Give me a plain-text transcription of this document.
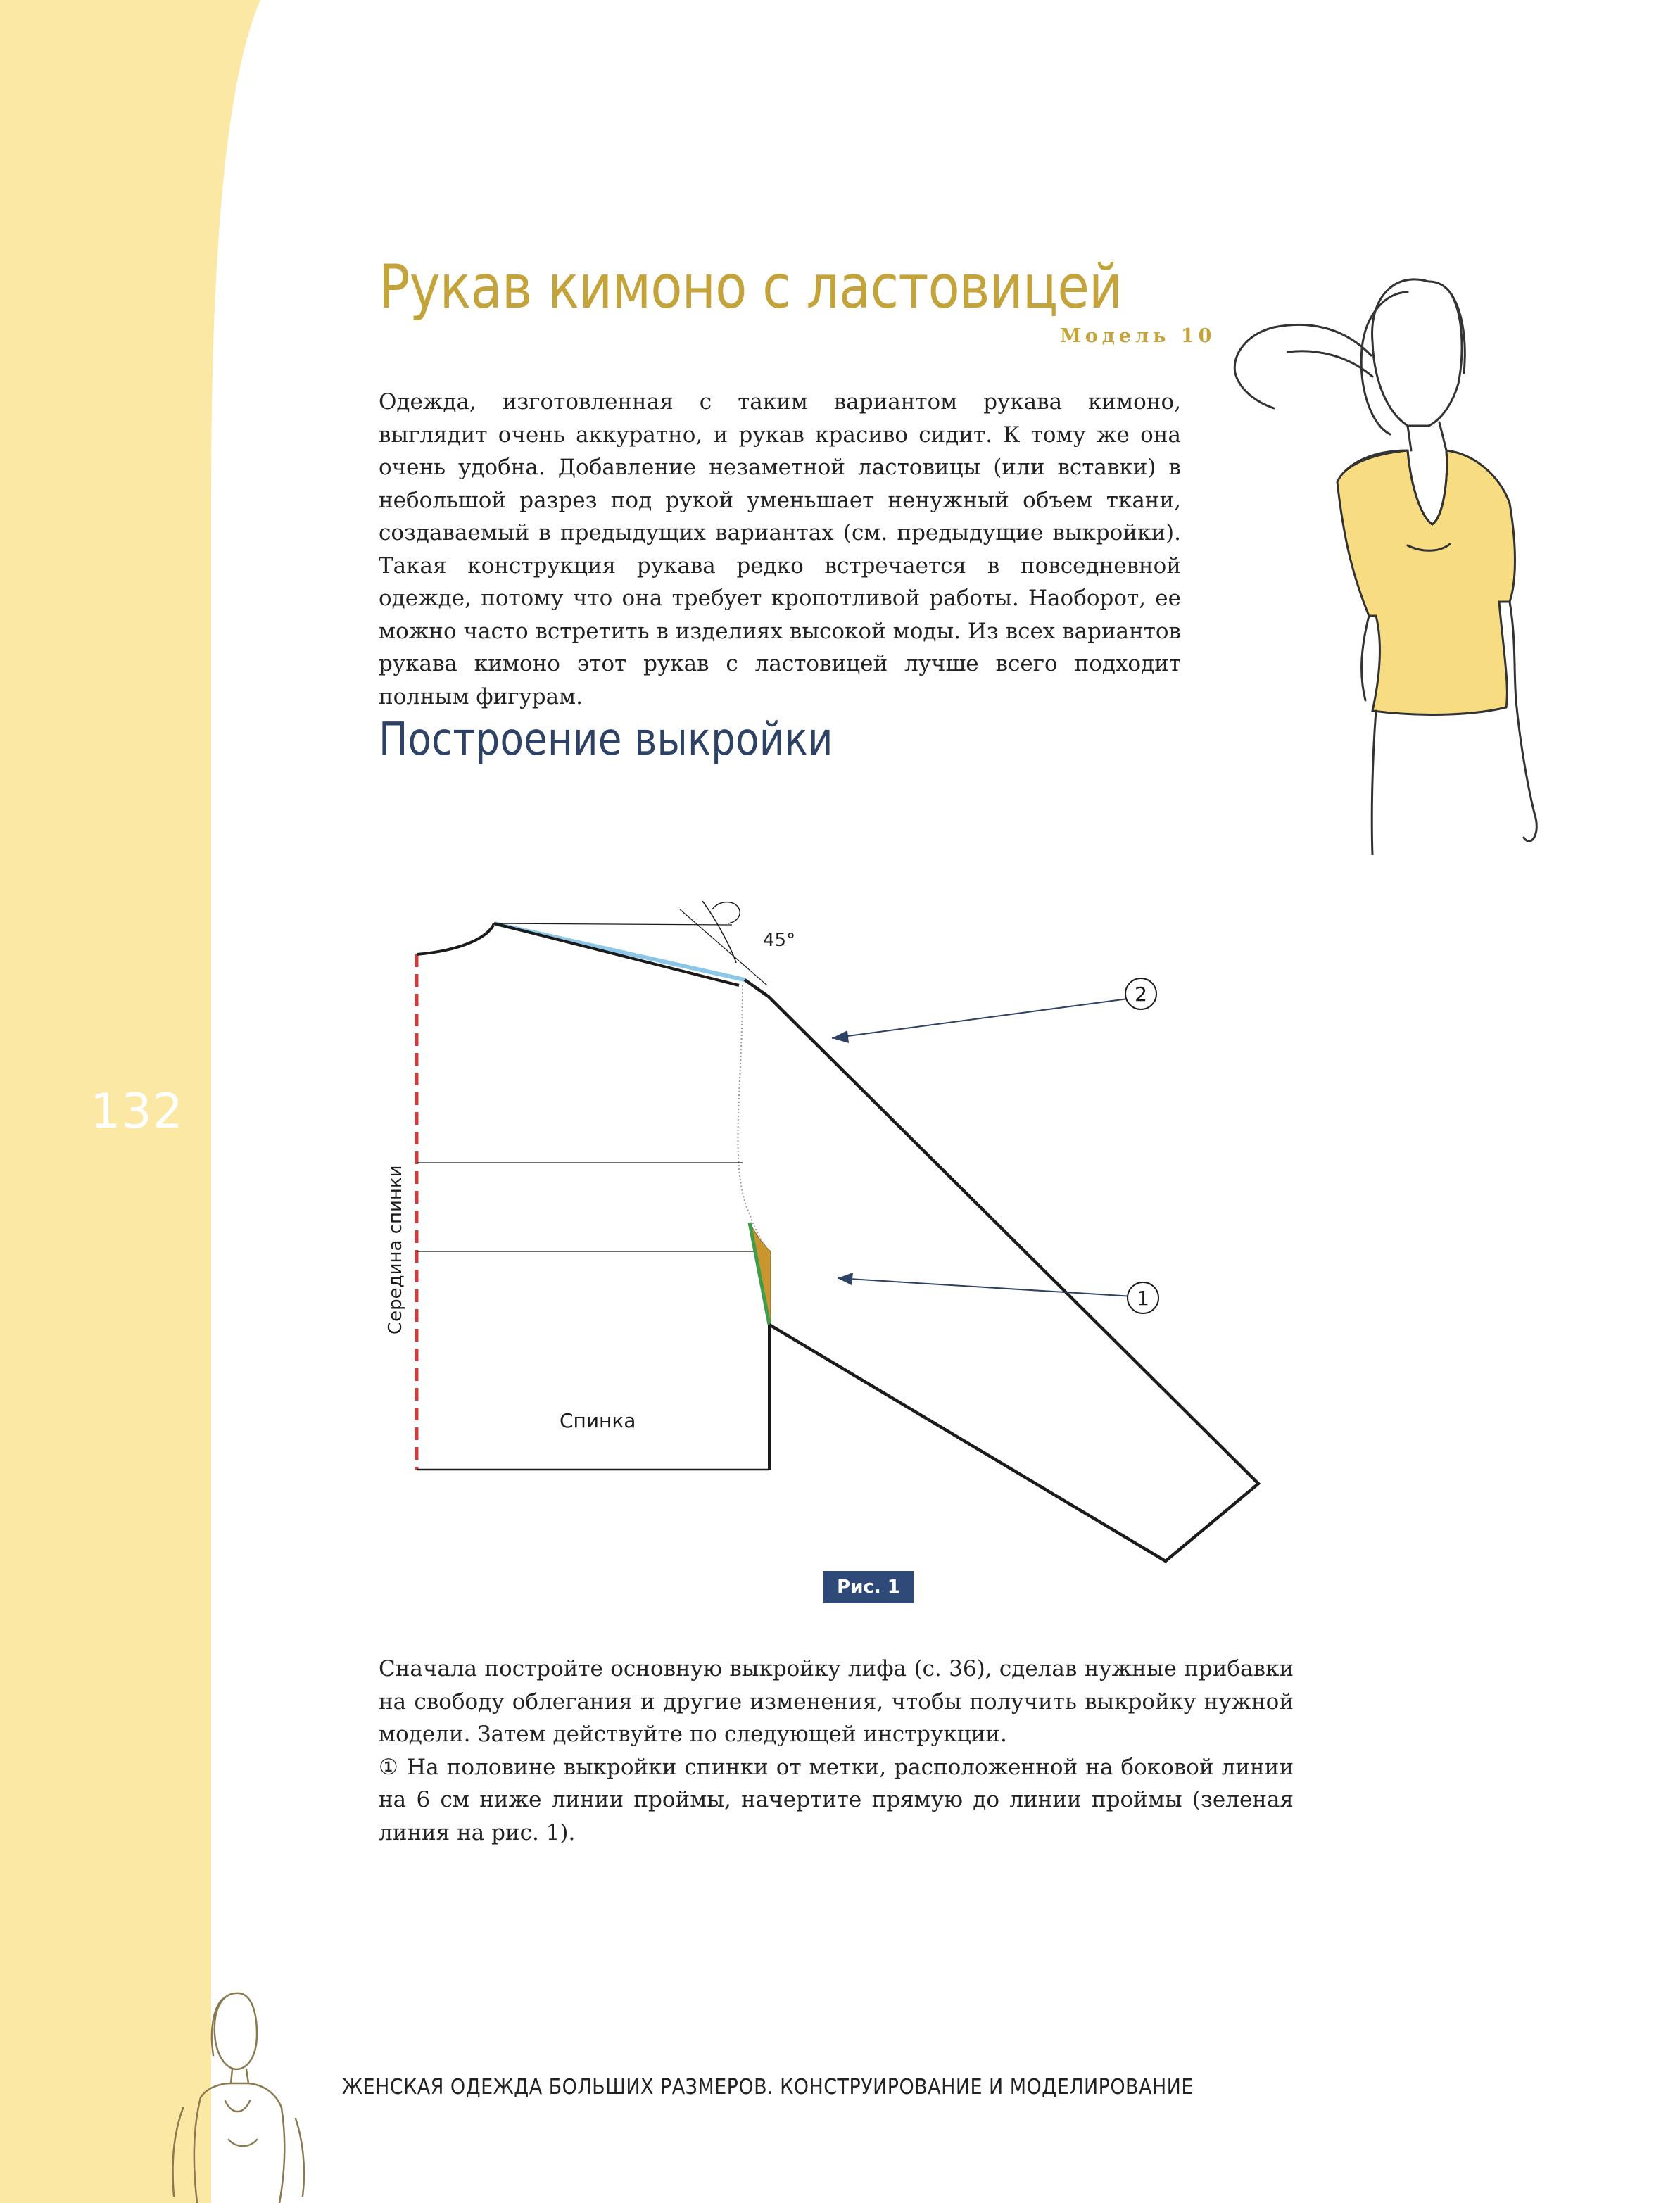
132
Рукав кимоно с ластовицей
Модель 10

Одежда, изготовленная с таким вариантом рукава кимоно, выглядит очень аккуратно, и рукав красиво сидит. К тому же она очень удобна. Добавление незаметной ластовицы (или вставки) в небольшой разрез под рукой уменьшает ненужный объем ткани, создаваемый в предыдущих вариантах (см. предыдущие выкройки). Такая конструкция рукава редко встречается в повседневной одежде, потому что она требует кропотливой работы. Наоборот, ее можно часто встретить в изделиях высокой моды. Из всех вариантов рукава кимоно этот рукав с ластовицей лучше всего подходит полным фигурам.

Построение выкройки
45°
2
1
Середина спинки
Спинка
Рис. 1

Сначала постройте основную выкройку лифа (с. 36), сделав нужные прибавки на свободу облегания и другие изменения, чтобы получить выкройку нужной модели. Затем действуйте по следующей инструкции.

① На половине выкройки спинки от метки, расположенной на боковой линии на 6 см ниже линии проймы, начертите прямую до линии проймы (зеленая линия на рис. 1).

ЖЕНСКАЯ ОДЕЖДА БОЛЬШИХ РАЗМЕРОВ. КОНСТРУИРОВАНИЕ И МОДЕЛИРОВАНИЕ
